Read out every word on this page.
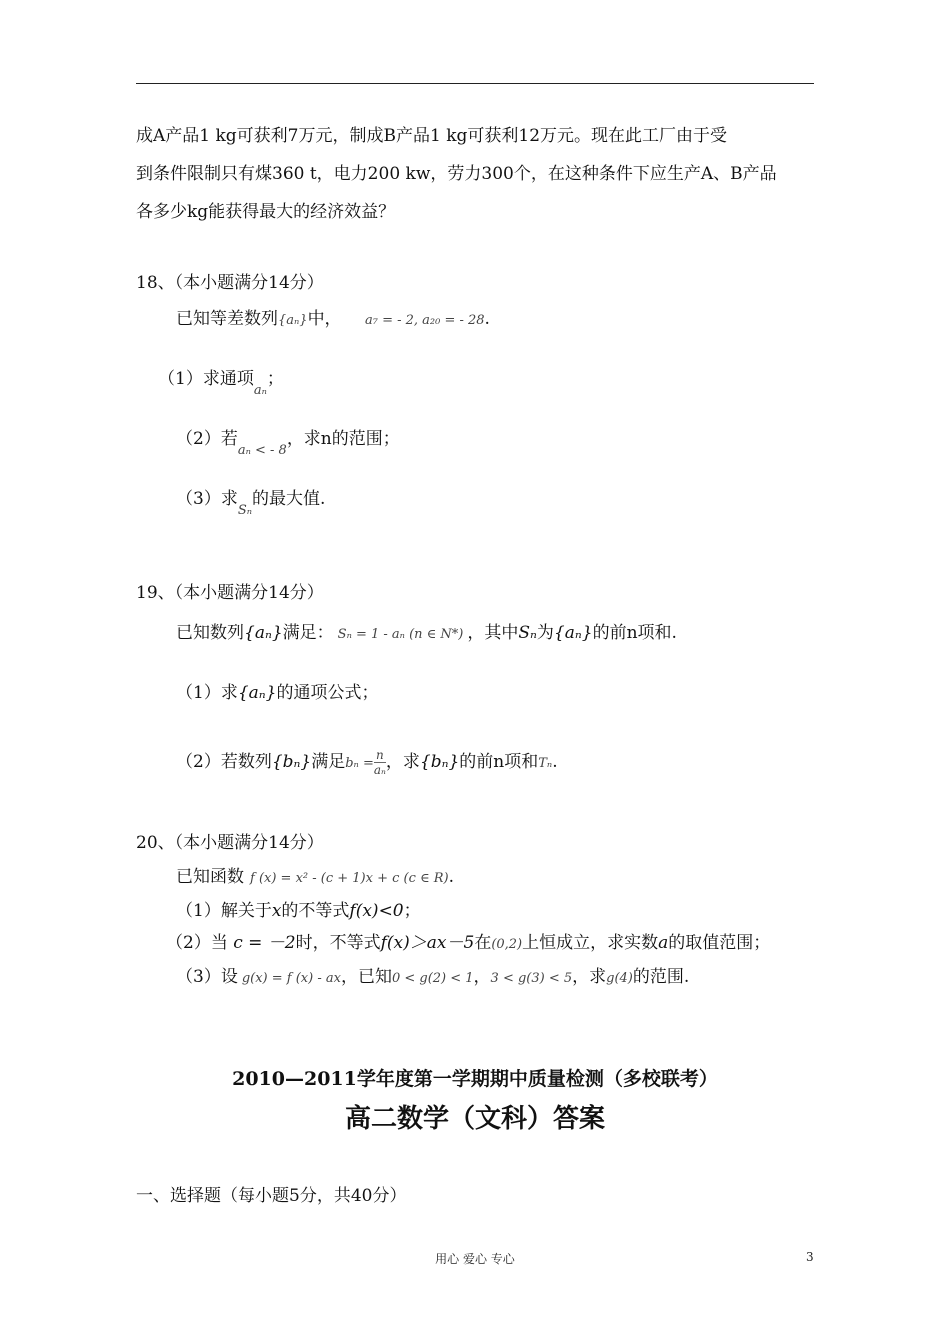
成A产品1 kg可获利7万元，制成B产品1 kg可获利12万元。现在此工厂由于受
到条件限制只有煤360 t，电力200 kw，劳力300个，在这种条件下应生产A、B产品
各多少kg能获得最大的经济效益？
18、（本小题满分14分）
已知等差数列{aₙ}中， a₇ = - 2, a₂₀ = - 28.
（1）求通项$_{a_n}$；
（2）若$_{a_n < - 8}$，求n的范围；
（3）求$_{S_n}$的最大值.
19、（本小题满分14分）
已知数列{aₙ}满足： Sₙ = 1 - aₙ (n ∈ N*) ，其中Sₙ为{aₙ}的前n项和.
（1）求{aₙ}的通项公式；
（2）若数列{bₙ}满足$b_n = \frac{n}{\text{aₙ}}$ ，求{bₙ}的前n项和Tₙ.
20、（本小题满分14分）
已知函数 f (x) = x² - (c + 1)x + c (c ∈ R).
（1）解关于x的不等式f(x)<0；
（2）当 c = －2时，不等式f(x)＞ax－5在(0,2)上恒成立，求实数a的取值范围；
（3）设 g(x) = f (x) - ax，已知0 < g(2) < 1，3 < g(3) < 5，求g(4)的范围.
2010—2011学年度第一学期期中质量检测（多校联考）
高二数学（文科）答案
一、选择题（每小题5分，共40分）
用心 爱心 专心	3
